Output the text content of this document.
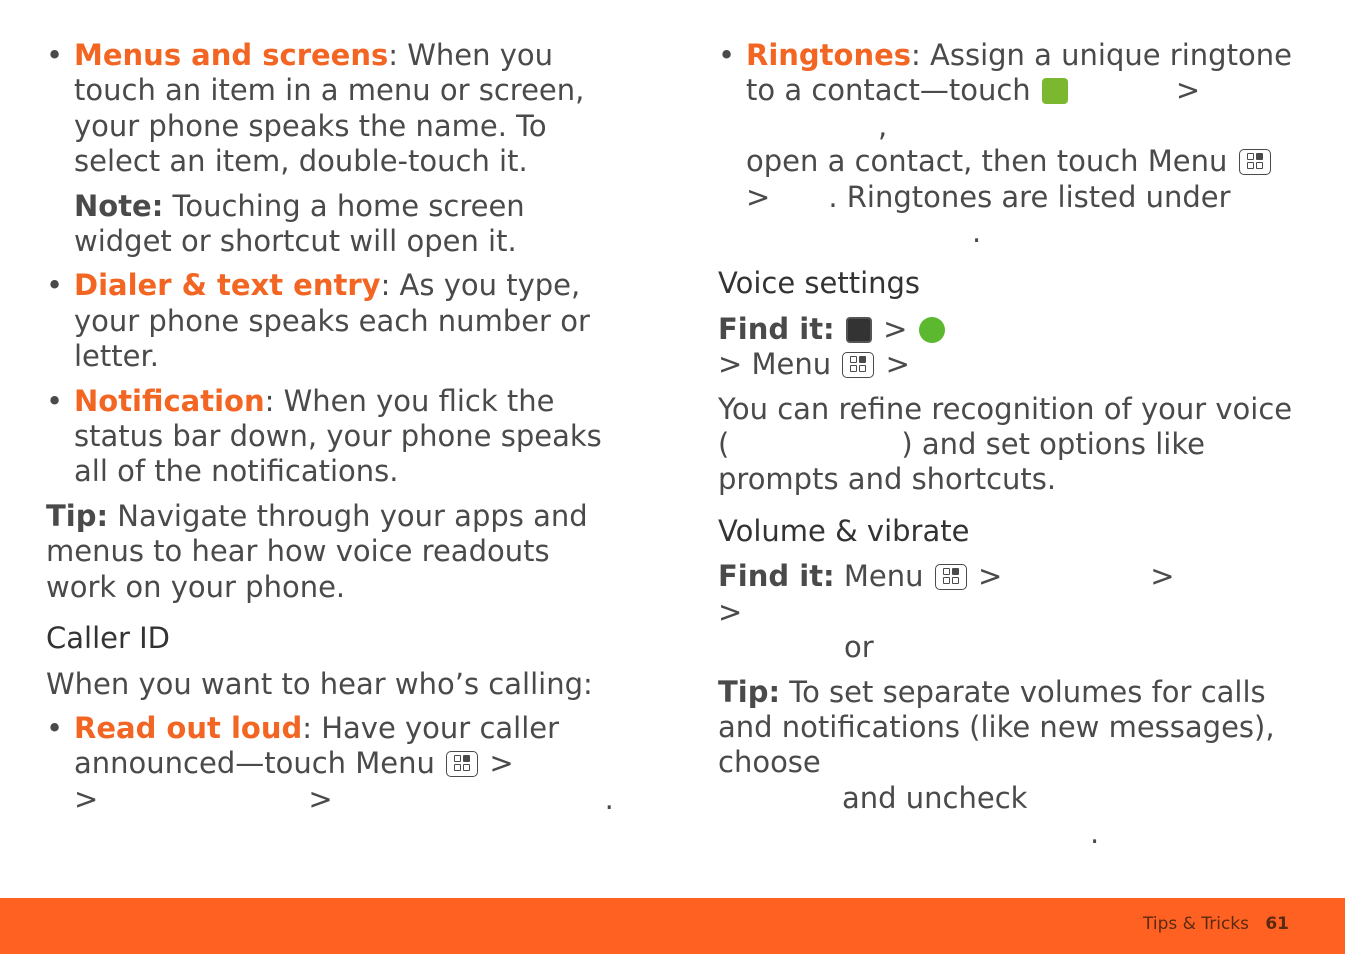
• Menus and screens: When you touch an item in a menu or screen, your phone speaks the name. To select an item, double-touch it.
Note: Touching a home screen widget or shortcut will open it.
• Dialer & text entry: As you type, your phone speaks each number or letter.
• Notification: When you flick the status bar down, your phone speaks all of the notifications.
Tip: Navigate through your apps and menus to hear how voice readouts work on your phone.
Caller ID
When you want to hear who’s calling:
• Read out loud: Have your caller announced—touch Menu >
>	>	.
• Ringtones: Assign a unique ringtone to a contact—touch	>,
open a contact, then touch Menu
> . Ringtones are listed under
.
Voice settings
Find it: >
> Menu >
You can refine recognition of your voice
(	) and set options like
prompts and shortcuts.
Volume & vibrate
Find it: Menu >	>>
or
Tip: To set separate volumes for calls and notifications (like new messages), choose
and uncheck
.
Tips & Tricks 61
